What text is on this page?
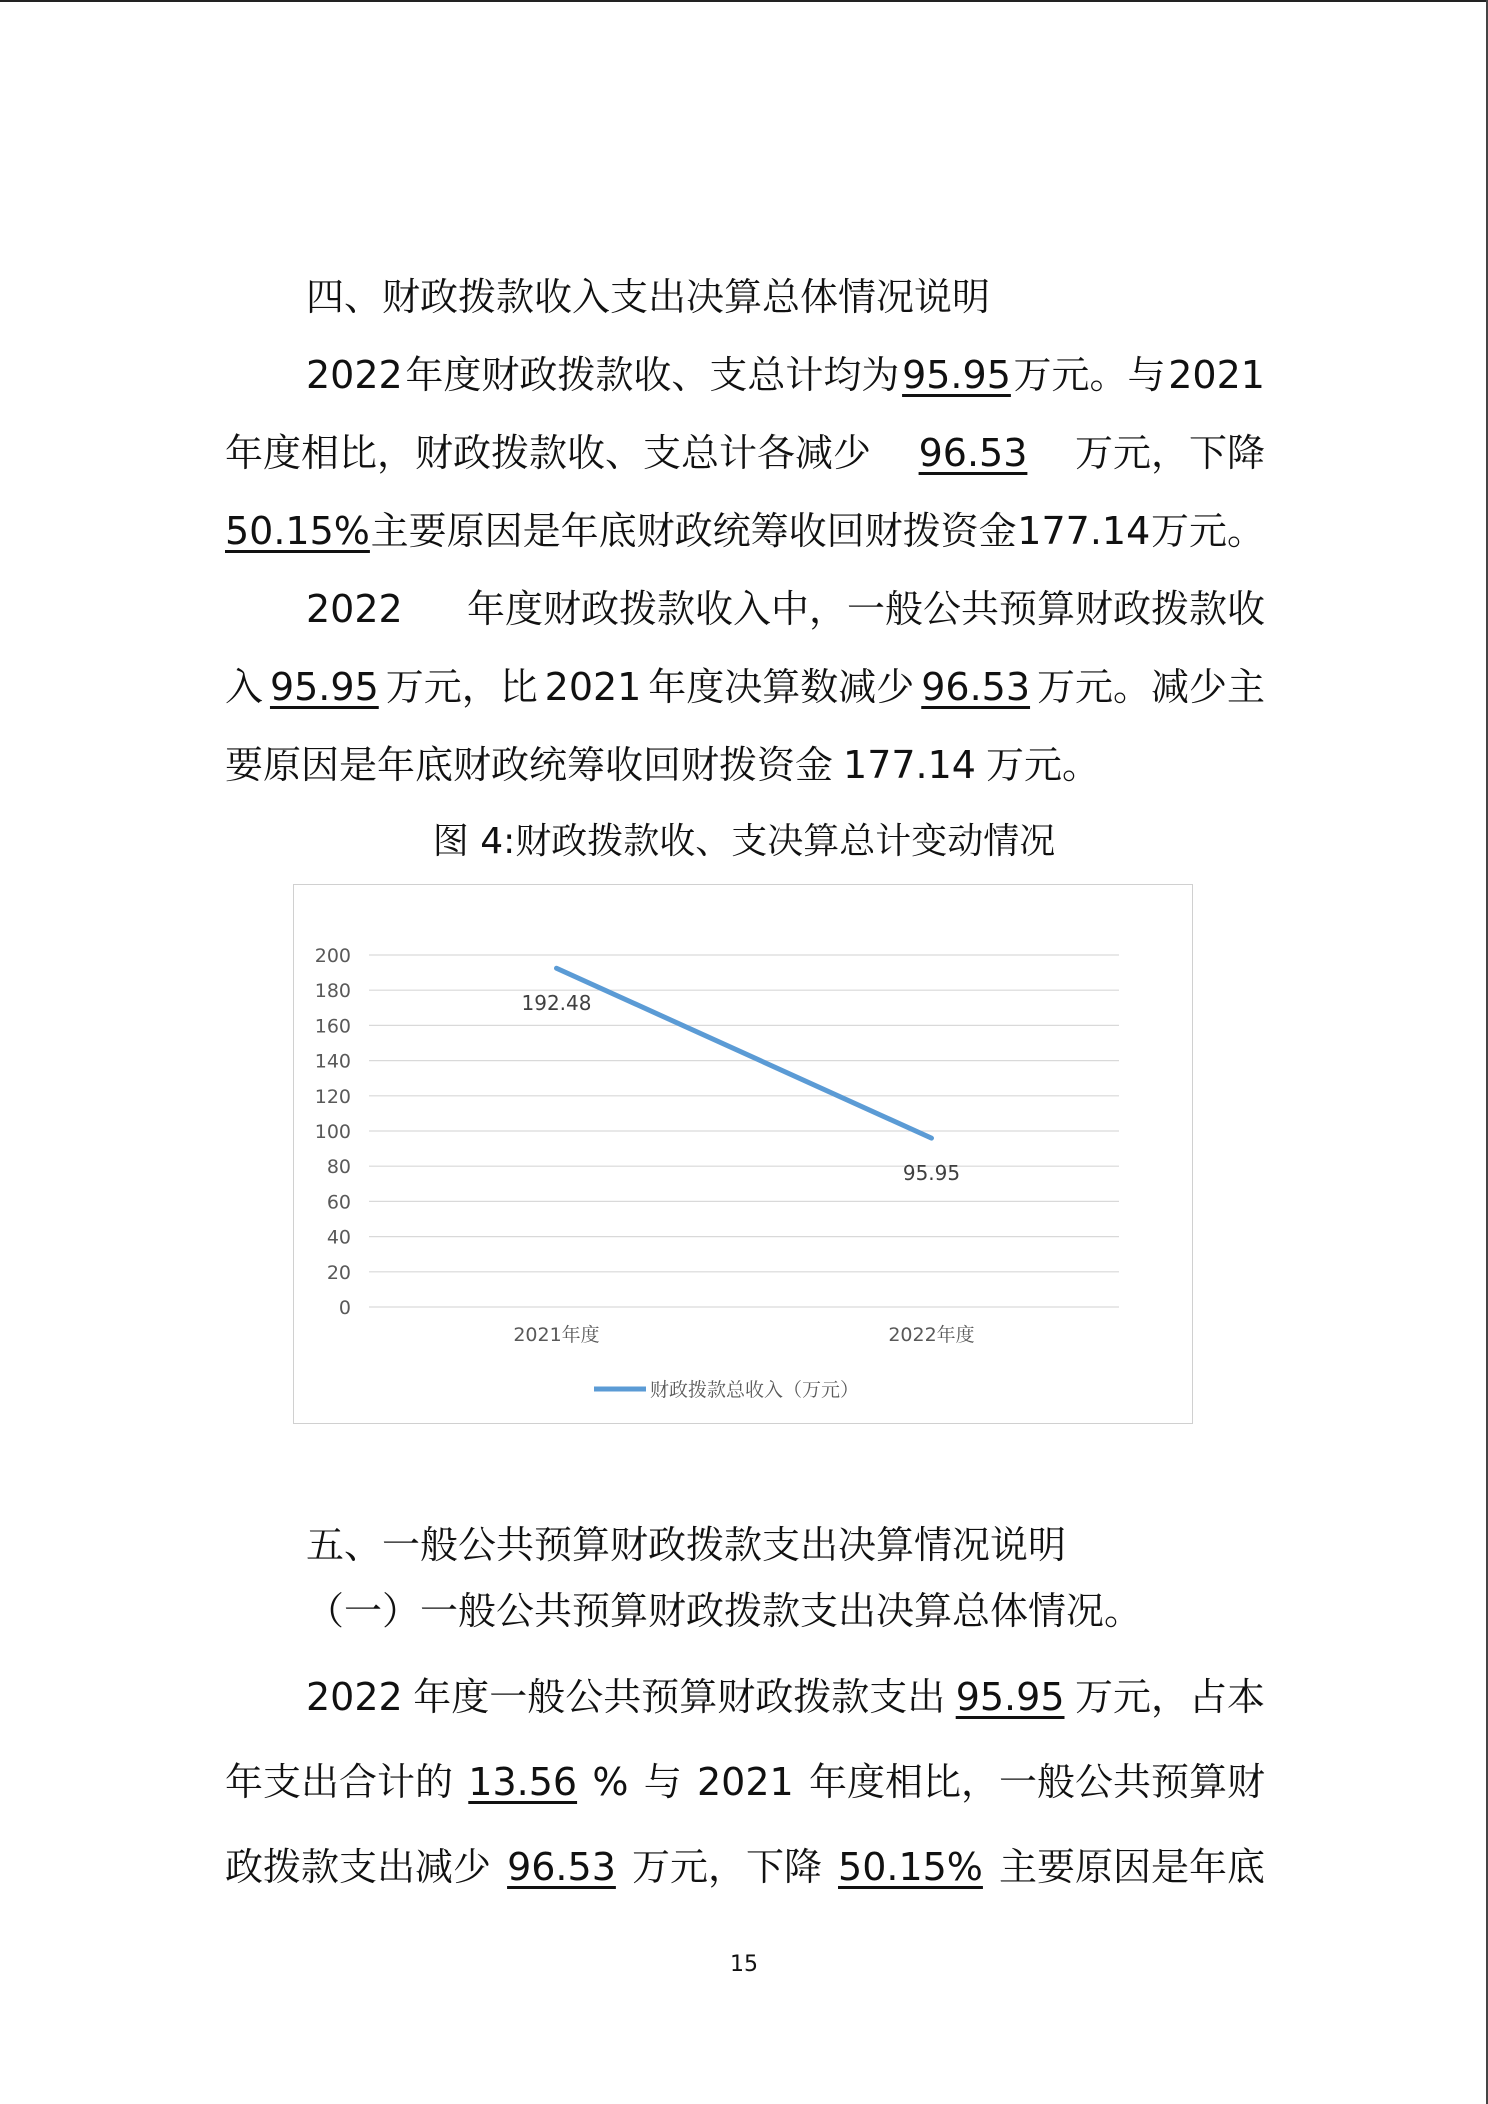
四、财政拨款收入支出决算总体情况说明
2022 年度财政拨款收、支总计均为 95.95 万元。与 2021
年度相比，财政拨款收、支总计各减少 96.53 万元，下降
50.15% 主要原因是年底财政统筹收回财拨资金 177.14 万元。
2022 年度财政拨款收入中，一般公共预算财政拨款收
入 95.95 万元，比 2021 年度决算数减少 96.53 万元。减少主
要原因是年底财政统筹收回财拨资金 177.14 万元。
图 4:财政拨款收、支决算总计变动情况
0
20
40
60
80
100
120
140
160
180
200
2021年度	2022年度
192.48
95.95
财政拨款总收入（万元）
五、一般公共预算财政拨款支出决算情况说明
（一）一般公共预算财政拨款支出决算总体情况。
2022 年度一般公共预算财政拨款支出 95.95 万元，占本
年支出合计的 13.56 % 与 2021 年度相比，一般公共预算财
政拨款支出减少 96.53 万元，下降 50.15% 主要原因是年底
15
